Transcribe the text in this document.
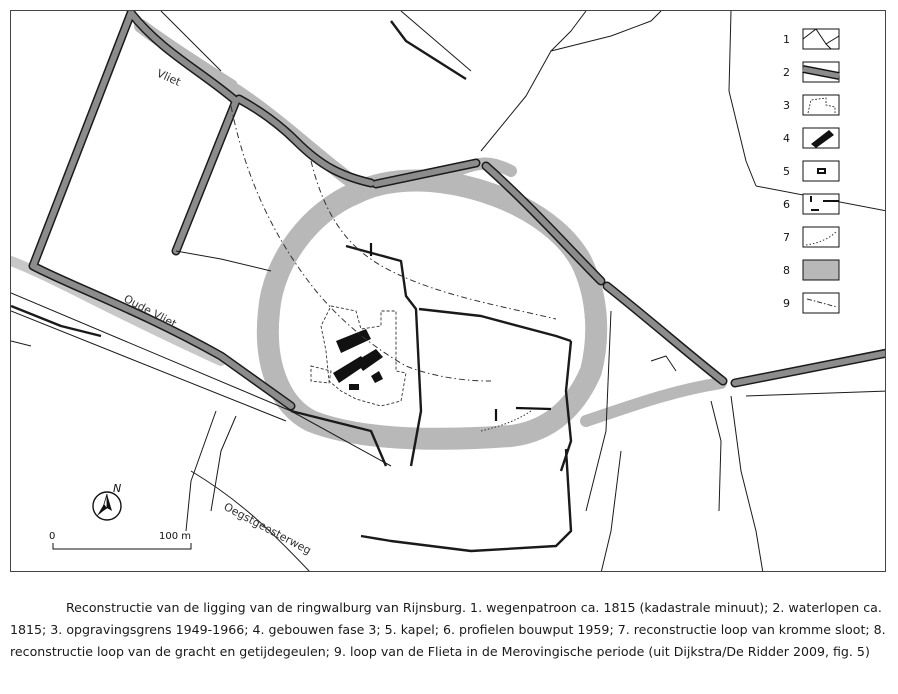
Vliet
Oude Vliet
Oegstgeesterweg
N
0	100 m
1
2
3
4
5
6
7
8
9

Reconstructie van de ligging van de ringwalburg van Rijnsburg. 1. wegenpatroon ca. 1815 (kadastrale minuut); 2. waterlopen ca. 1815; 3. opgravingsgrens 1949-1966; 4. gebouwen fase 3; 5. kapel; 6. profielen bouwput 1959; 7. reconstructie loop van kromme sloot; 8. reconstructie loop van de gracht en getijdegeulen; 9. loop van de Flieta in de Merovingische periode (uit Dijkstra/De Ridder 2009, fig. 5)
